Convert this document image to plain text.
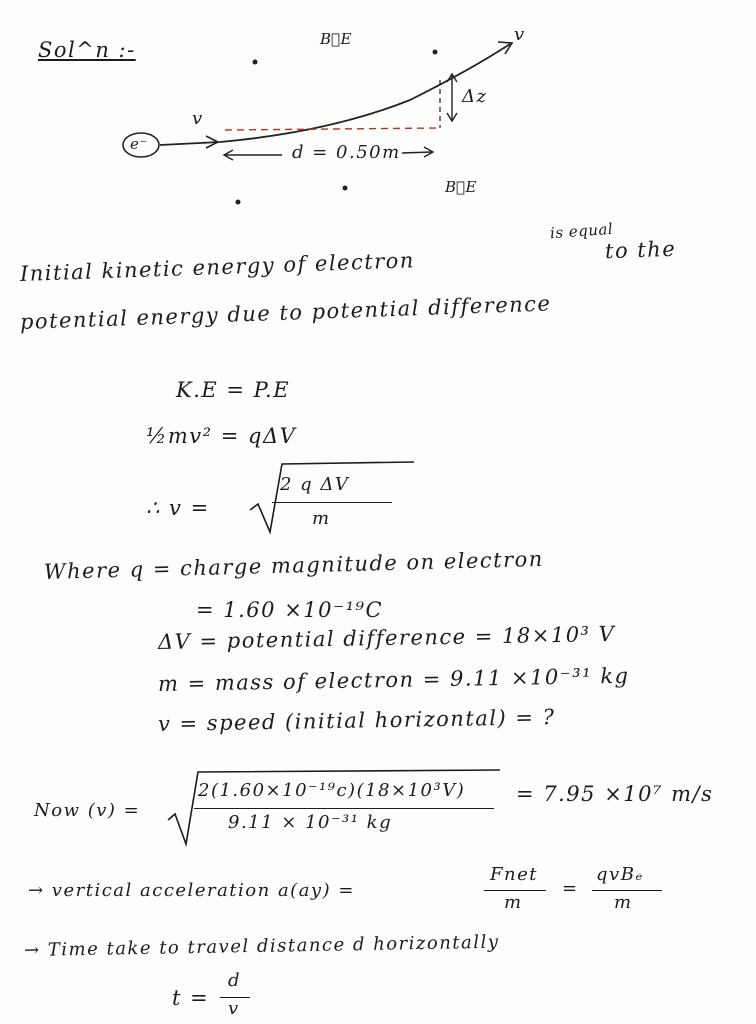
Sol^n :-	B⃗E
B⃗E
e⁻
v
v
Δz
d = 0.50m
is equal
Initial kinetic energy of electron	to the
potential energy due to potential difference
K.E = P.E
½mv² = qΔV
∴ v =
2 q ΔV
m
Where q = charge magnitude on electron
= 1.60 ×10⁻¹⁹C
ΔV = potential difference = 18×10³ V
m = mass of electron = 9.11 ×10⁻³¹ kg
v = speed (initial horizontal) = ?
Now (v) =
2(1.60×10⁻¹⁹c)(18×10³V)
9.11 × 10⁻³¹ kg
= 7.95 ×10⁷ m/s
→ vertical acceleration a(ay) =
Fnet
m
=
qvBₑ
m
→ Time take to travel distance d horizontally
t =
d
v
